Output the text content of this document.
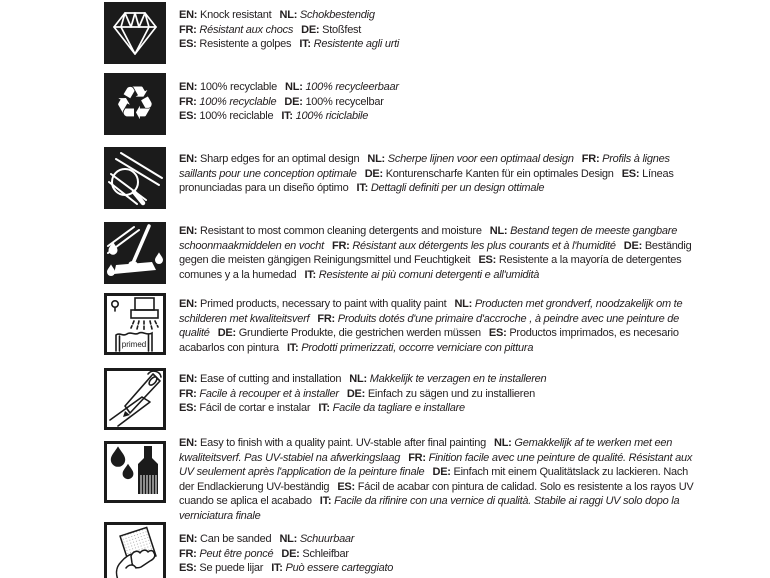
EN: Knock resistant  NL: Schokbestendig
FR: Résistant aux chocs  DE: Stoßfest
ES: Resistente a golpes  IT: Resistente agli urti 

♻ EN: 100% recyclable  NL: 100% recycleerbaar
FR: 100% recyclable  DE: 100% recycelbar
ES: 100% reciclable  IT: 100% riciclabile 

EN: Sharp edges for an optimal design  NL: Scherpe lijnen voor een optimaal design  FR: Profils à lignes saillants pour une conception optimale  DE: Konturenscharfe Kanten für ein optimales Design  ES: Líneas pronunciadas para un diseño óptimo  IT: Dettagli definiti per un design ottimale 

EN: Resistant to most common cleaning detergents and moisture  NL: Bestand tegen de meeste gangbare schoonmaakmiddelen en vocht  FR: Résistant aux détergents les plus courants et à l'humidité  DE: Beständig gegen die meisten gängigen Reinigungsmittel und Feuchtigkeit  ES: Resistente a la mayoría de detergentes comunes y a la humedad  IT: Resistente ai più comuni detergenti e all'umidità 

primed

EN: Primed products, necessary to paint with quality paint  NL: Producten met grondverf, noodzakelijk om te schilderen met kwaliteitsverf  FR: Produits dotés d'une primaire d'accroche , à peindre avec une peinture de qualité  DE: Grundierte Produkte, die gestrichen werden müssen  ES: Productos imprimados, es necesario acabarlos con pintura  IT: Prodotti primerizzati, occorre verniciare con pittura 

EN: Ease of cutting and installation  NL: Makkelijk te verzagen en te installeren
FR: Facile à recouper et à installer  DE: Einfach zu sägen und zu installieren
ES: Fácil de cortar e instalar  IT: Facile da tagliare e installare 

EN: Easy to finish with a quality paint. UV-stable after final painting  NL: Gemakkelijk af te werken met een kwaliteitsverf. Pas UV-stabiel na afwerkingslaag  FR: Finition facile avec une peinture de qualité. Résistant aux UV seulement après l'application de la peinture finale  DE: Einfach mit einem Qualitätslack zu lackieren. Nach der Endlackierung UV-beständig  ES: Fácil de acabar con pintura de calidad. Solo es resistente a los rayos UV cuando se aplica el acabado  IT: Facile da rifinire con una vernice di qualità. Stabile ai raggi UV solo dopo la verniciatura finale 

EN: Can be sanded  NL: Schuurbaar
FR: Peut être poncé  DE: Schleifbar
ES: Se puede lijar  IT: Può essere carteggiato 
